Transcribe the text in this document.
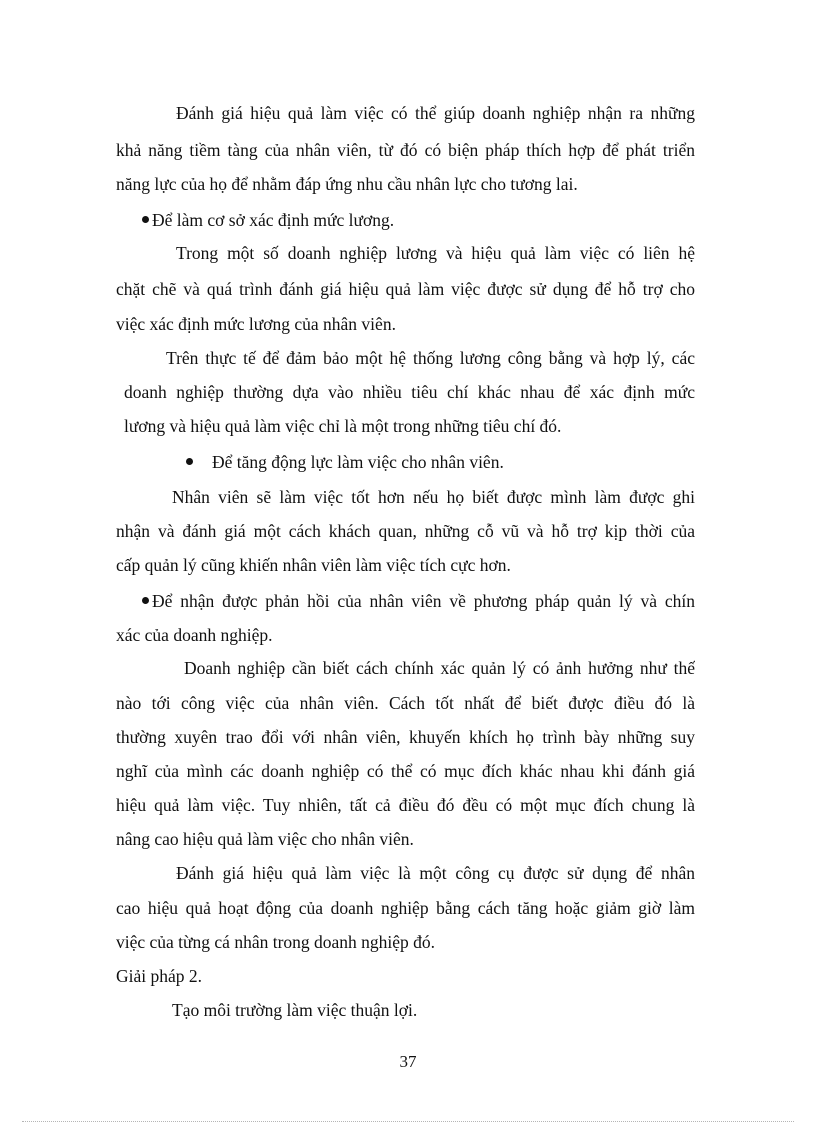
Đánh giá hiệu quả làm việc có thể giúp doanh nghiệp nhận ra những
khả năng tiềm tàng của nhân viên, từ đó có biện pháp thích hợp để phát triển
năng lực của họ để nhằm đáp ứng nhu cầu nhân lực cho tương lai.
Để làm cơ sở xác định mức lương.
Trong một số doanh nghiệp lương và hiệu quả làm việc có liên hệ
chặt chẽ và quá trình đánh giá hiệu quả làm việc được sử dụng để hỗ trợ cho
việc xác định mức lương của nhân viên.
Trên thực tế để đảm bảo một hệ thống lương công bằng và hợp lý, các
doanh nghiệp thường dựa vào nhiều tiêu chí khác nhau để xác định mức
lương và hiệu quả làm việc chỉ là một trong những tiêu chí đó.
Để tăng động lực làm việc cho nhân viên.
Nhân viên sẽ làm việc tốt hơn nếu họ biết được mình làm được ghi
nhận và đánh giá một cách khách quan, những cỗ vũ và hỗ trợ kịp thời của
cấp quản lý cũng khiến nhân viên làm việc tích cực hơn.
Để nhận được phản hồi của nhân viên về phương pháp quản lý và chín
xác của doanh nghiệp.
Doanh nghiệp cần biết cách chính xác quản lý có ảnh hưởng như thế
nào tới công việc của nhân viên. Cách tốt nhất để biết được điều đó là
thường xuyên trao đổi với nhân viên, khuyến khích họ trình bày những suy
nghĩ của mình các doanh nghiệp có thể có mục đích khác nhau khi đánh giá
hiệu quả làm việc. Tuy nhiên, tất cả điều đó đều có một mục đích chung là
nâng cao hiệu quả làm việc cho nhân viên.
Đánh giá hiệu quả làm việc là một công cụ được sử dụng để nhân
cao hiệu quả hoạt động của doanh nghiệp bằng cách tăng hoặc giảm giờ làm
việc của từng cá nhân trong doanh nghiệp đó.
Giải pháp 2.
Tạo môi trường làm việc thuận lợi.
37
